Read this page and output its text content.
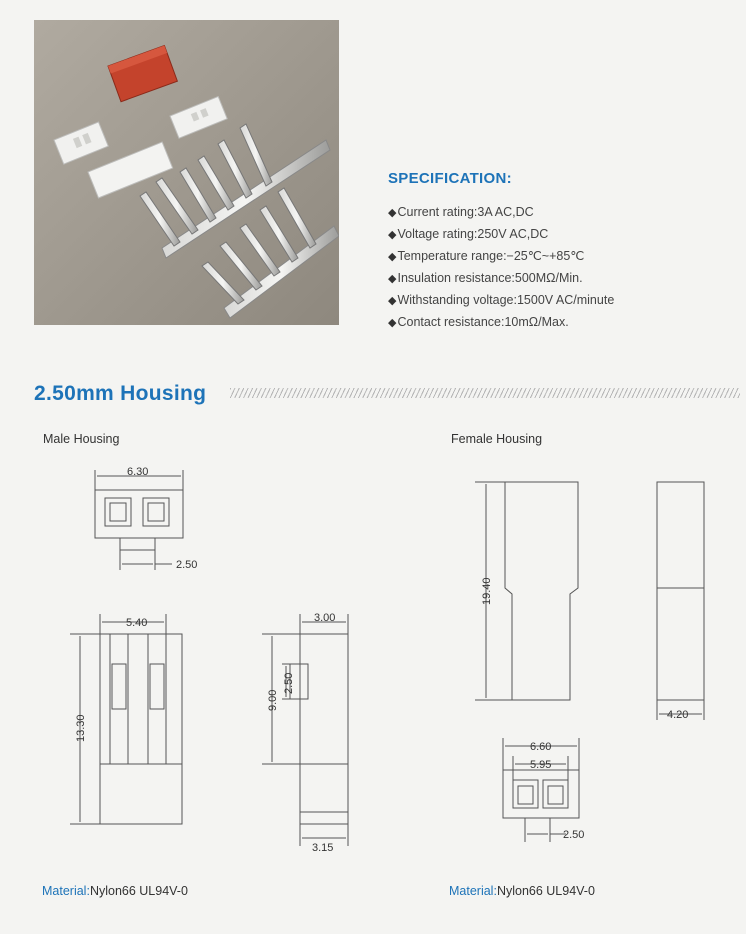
SPECIFICATION:
◆Current rating:3A AC,DC
◆Voltage rating:250V AC,DC
◆Temperature range:−25℃~+85℃
◆Insulation resistance:500MΩ/Min.
◆Withstanding voltage:1500V AC/minute
◆Contact resistance:10mΩ/Max.
2.50mm Housing
Male Housing	Female Housing
6.30
2.50
5.40
13.30
3.00
9.00
2.50
3.15
19.40
4.20
6.60
5.95
2.50
Material:Nylon66 UL94V-0	Material:Nylon66 UL94V-0
